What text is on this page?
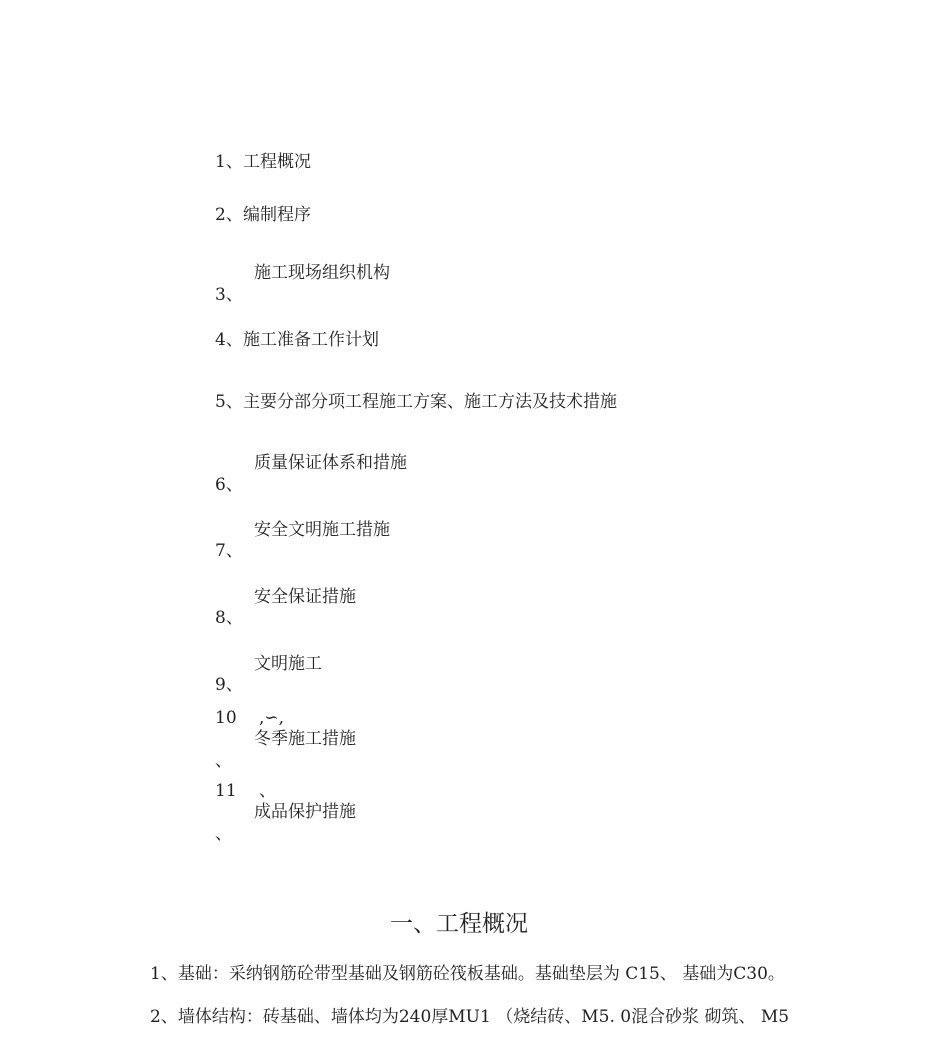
1、 工程概况
2、 编制程序
施工现场组织机构
3、
4、 施工准备工作计划
5、 主要分部分项工程施工方案、施工方法及技术措施
质量保证体系和措施
6、
安全文明施工措施
7、
安全保证措施
8、
文明施工
9、
10 ,∽,
冬季施工措施
、
11 、
成品保护措施
、
一、工程概况
1、基础：采纳钢筋砼带型基础及钢筋砼筏板基础。基础垫层为 C15、 基础为C30。
2、墙体结构：砖基础、墙体均为240厚MU1 （烧结砖、M5. 0混合砂浆 砌筑、 M5
